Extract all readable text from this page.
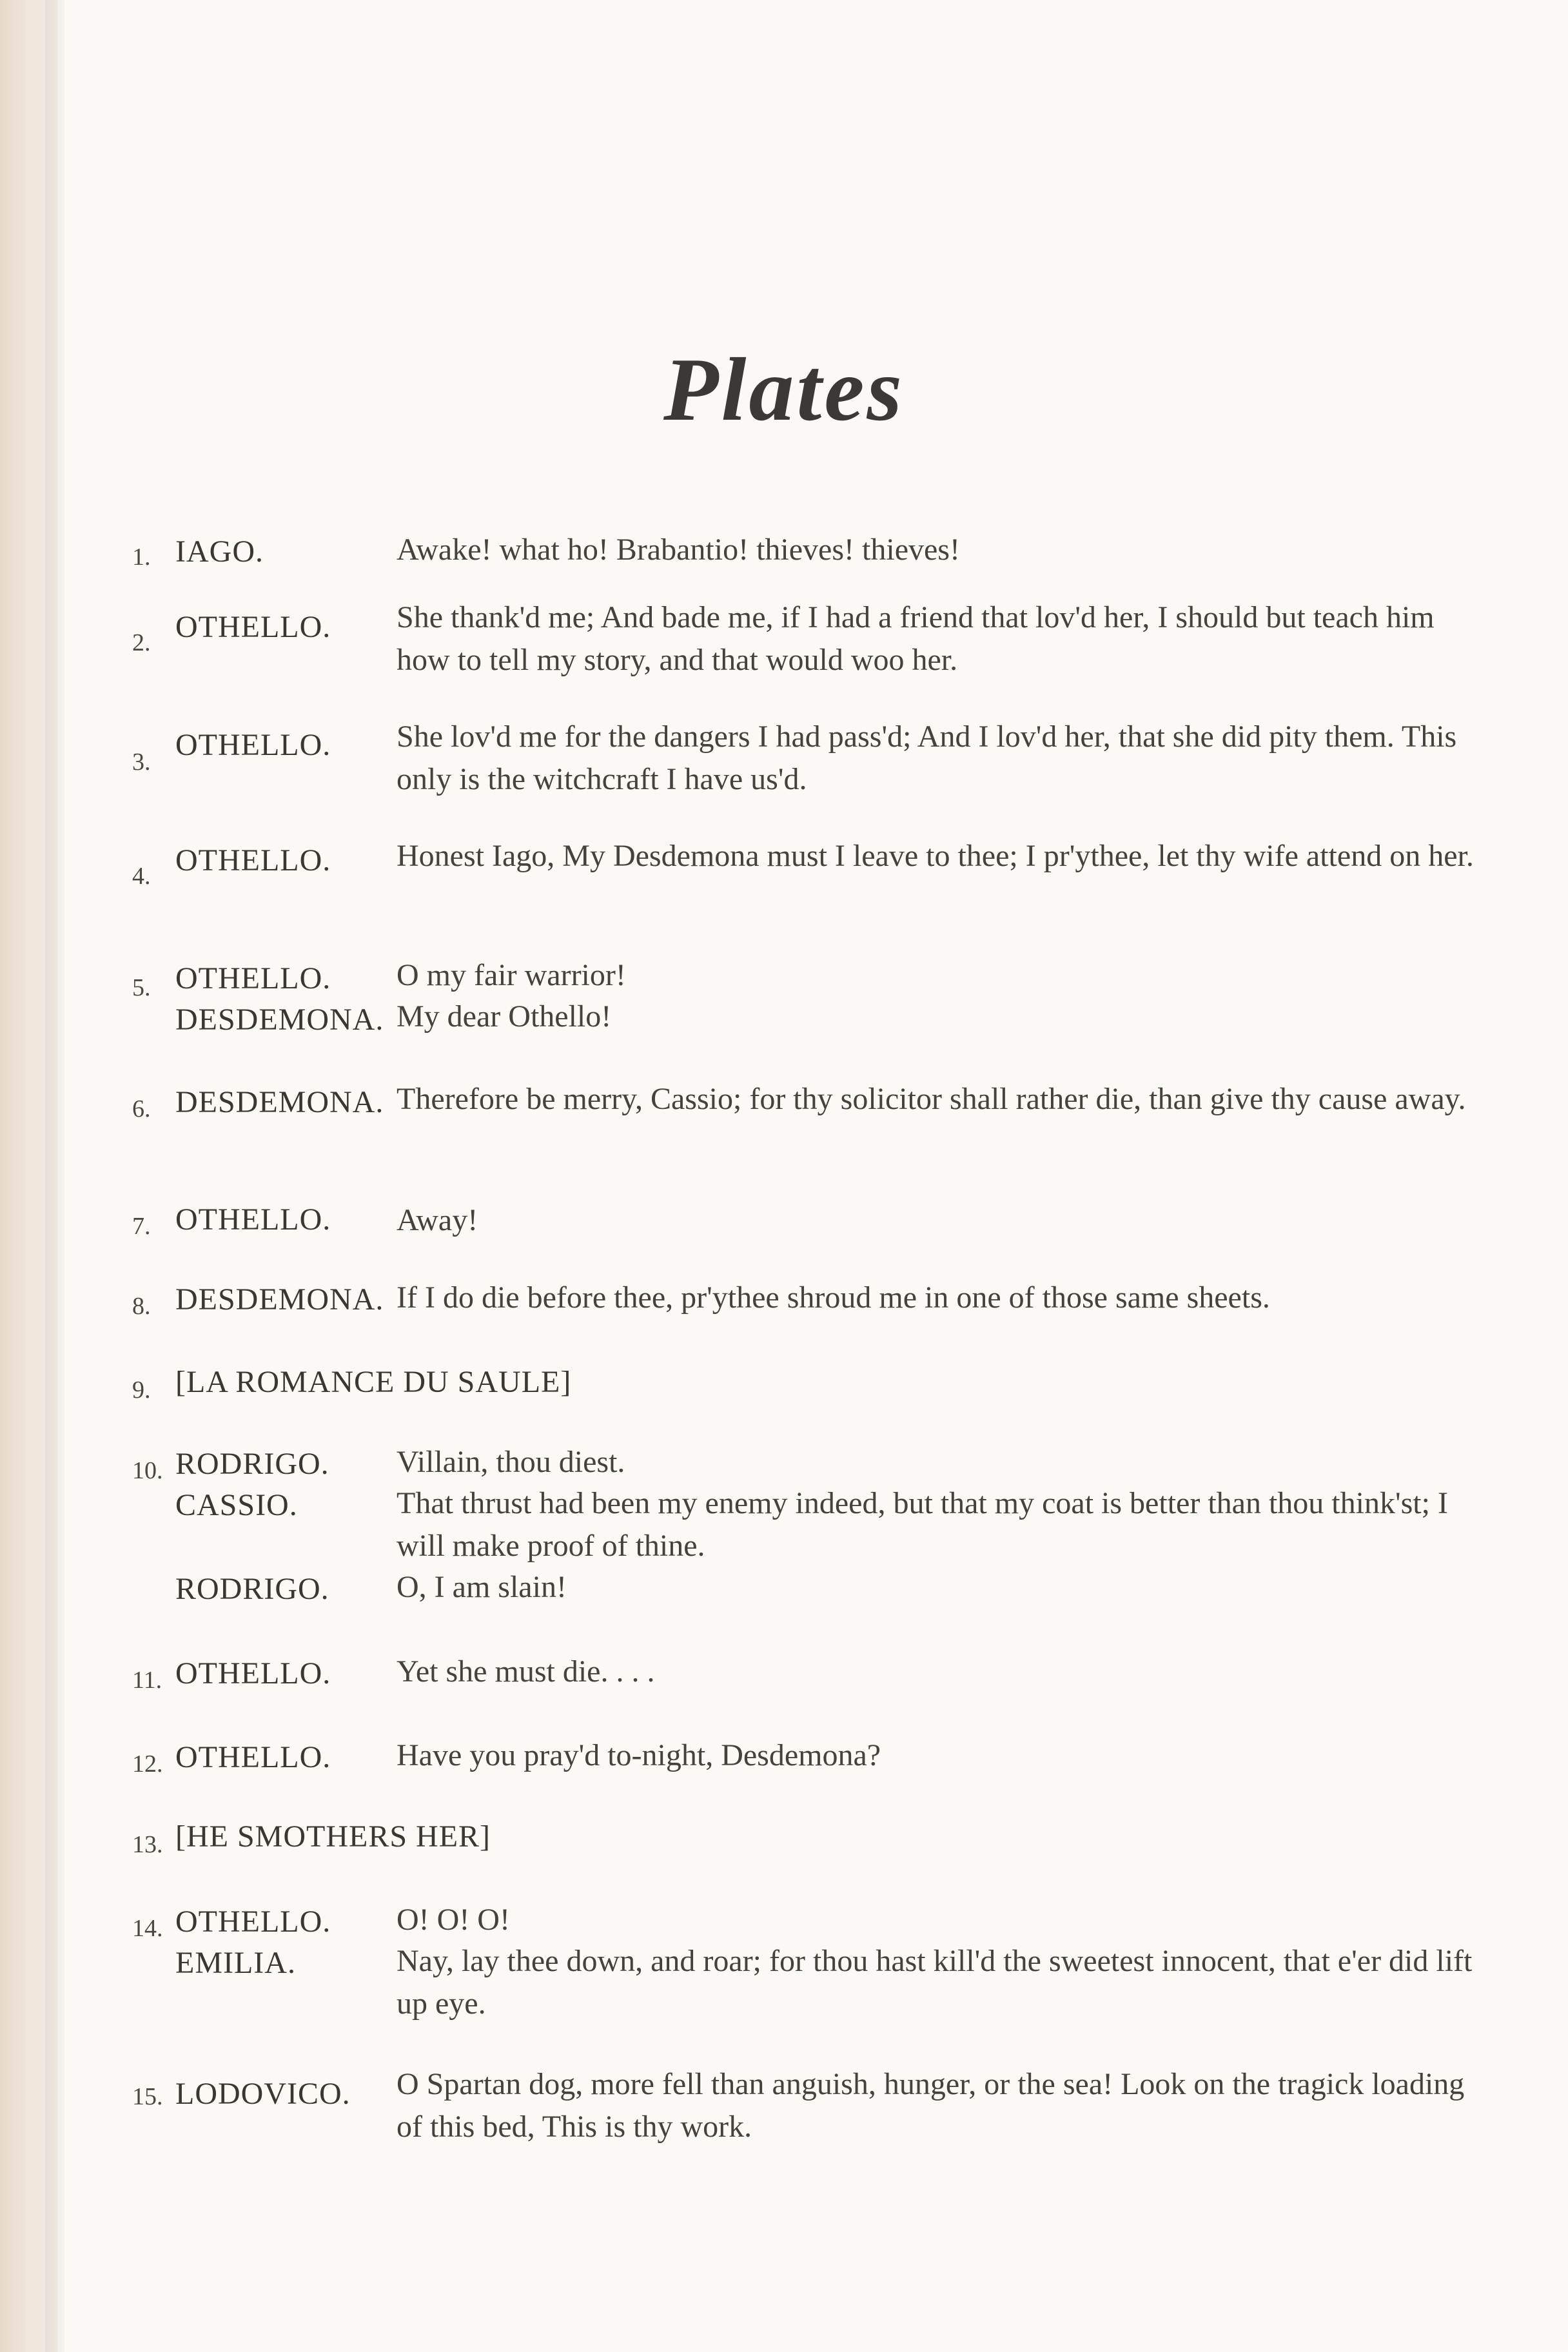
Plates
1. IAGO.	Awake! what ho! Brabantio! thieves! thieves!
2. OTHELLO. She thank'd me; And bade me, if I had a friend that lov'd her, I should but teach him how to tell my story, and that would woo her.
3. OTHELLO. She lov'd me for the dangers I had pass'd; And I lov'd her, that she did pity them. This only is the witchcraft I have us'd.
4. OTHELLO. Honest Iago, My Desdemona must I leave to thee; I pr'ythee, let thy wife attend on her.
5. OTHELLO. O my fair warrior!
DESDEMONA. My dear Othello!
6. DESDEMONA. Therefore be merry, Cassio; for thy solicitor shall rather die, than give thy cause away.
7. OTHELLO. Away!
8. DESDEMONA. If I do die before thee, pr'ythee shroud me in one of those same sheets.
9. [LA ROMANCE DU SAULE]
10. RODRIGO. Villain, thou diest.
CASSIO.	That thrust had been my enemy indeed, but that my coat is better than thou think'st; I will make proof of thine.
RODRIGO. O, I am slain!
11. OTHELLO. Yet she must die. . . .
12. OTHELLO. Have you pray'd to-night, Desdemona?
13. [HE SMOTHERS HER]
14. OTHELLO. O! O! O!
EMILIA.	Nay, lay thee down, and roar; for thou hast kill'd the sweetest innocent, that e'er did lift up eye.
15. LODOVICO. O Spartan dog, more fell than anguish, hunger, or the sea! Look on the tragick loading of this bed, This is thy work.
